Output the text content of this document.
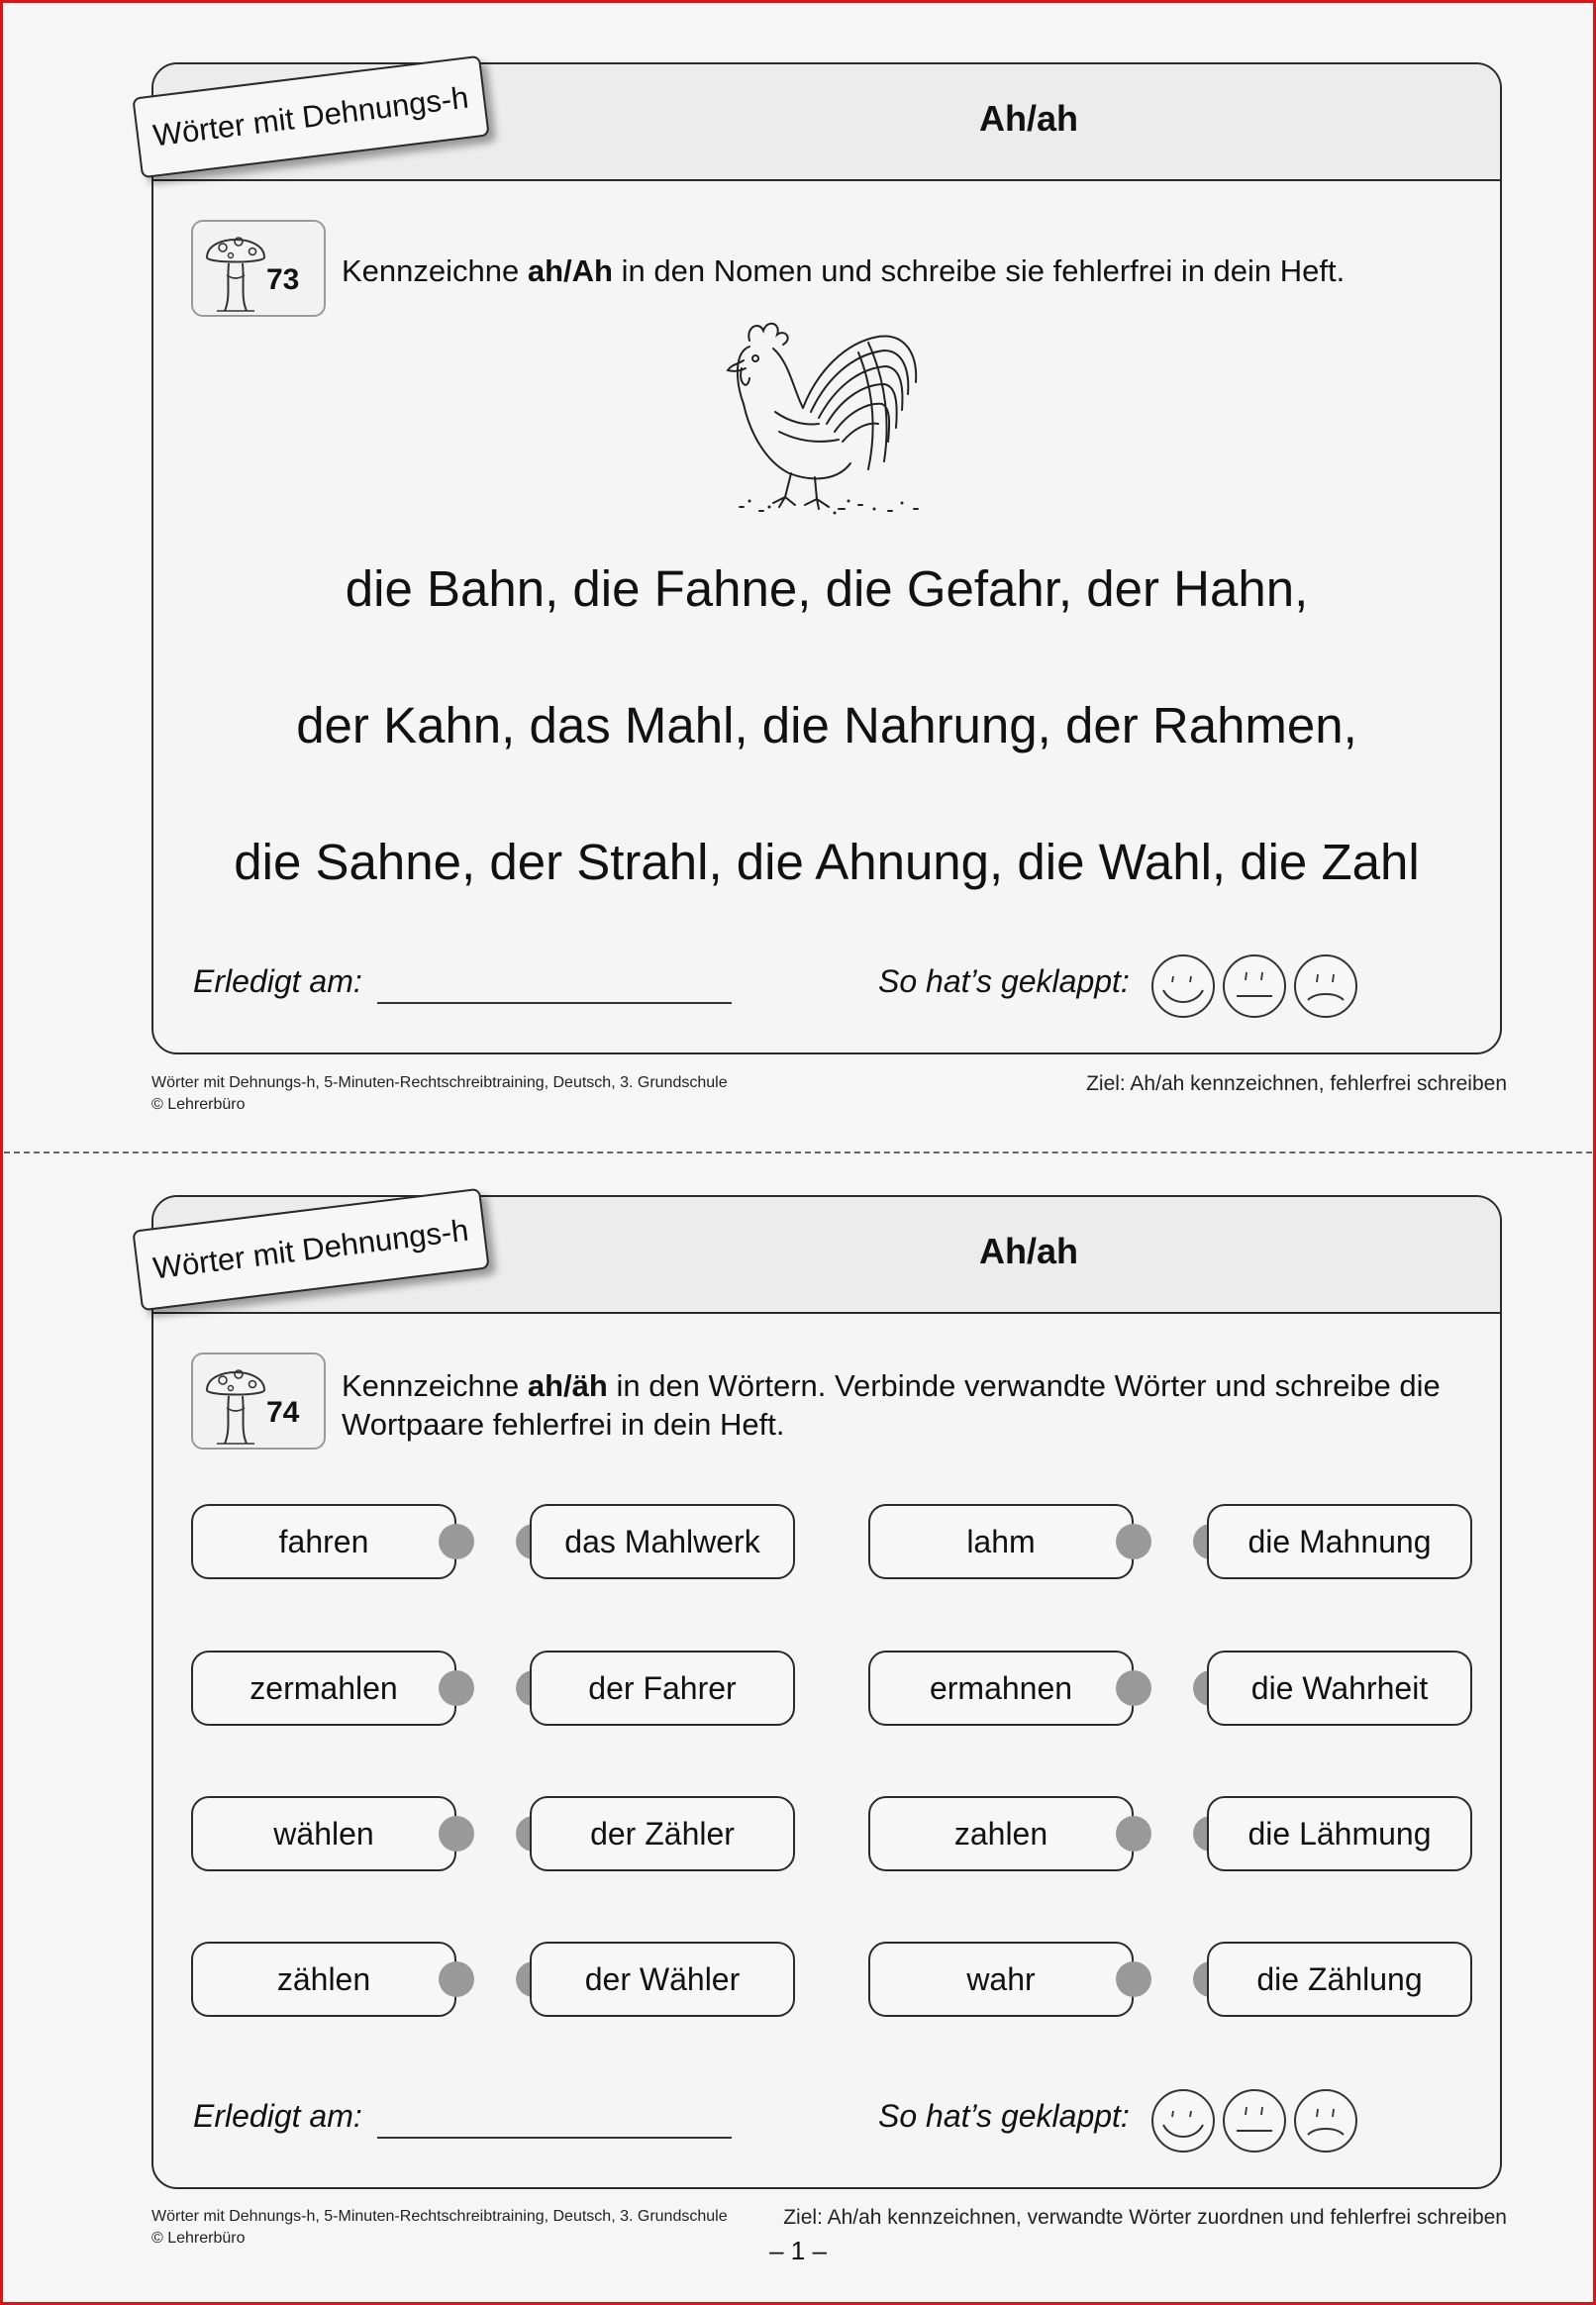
Ah/ah
Wörter mit Dehnungs-h
73 Kennzeichne ah/Ah in den Nomen und schreibe sie fehlerfrei in dein Heft.
die Bahn, die Fahne, die Gefahr, der Hahn,
der Kahn, das Mahl, die Nahrung, der Rahmen,
die Sahne, der Strahl, die Ahnung, die Wahl, die Zahl
Erledigt am:	So hat’s geklappt:
Wörter mit Dehnungs-h, 5-Minuten-Rechtschreibtraining, Deutsch, 3. Grundschule
© Lehrerbüro
Ziel: Ah/ah kennzeichnen, fehlerfrei schreiben
Ah/ah
Wörter mit Dehnungs-h
74
Kennzeichne ah/äh in den Wörtern. Verbinde verwandte Wörter und schreibe die Wortpaare fehlerfrei in dein Heft.
fahren	das Mahlwerk	lahm	die Mahnung
zermahlen	der Fahrer	ermahnen	die Wahrheit
wählen	der Zähler	zahlen	die Lähmung
zählen	der Wähler	wahr	die Zählung
Erledigt am:	So hat’s geklappt:
Wörter mit Dehnungs-h, 5-Minuten-Rechtschreibtraining, Deutsch, 3. Grundschule
© Lehrerbüro
Ziel: Ah/ah kennzeichnen, verwandte Wörter zuordnen und fehlerfrei schreiben
– 1 –
